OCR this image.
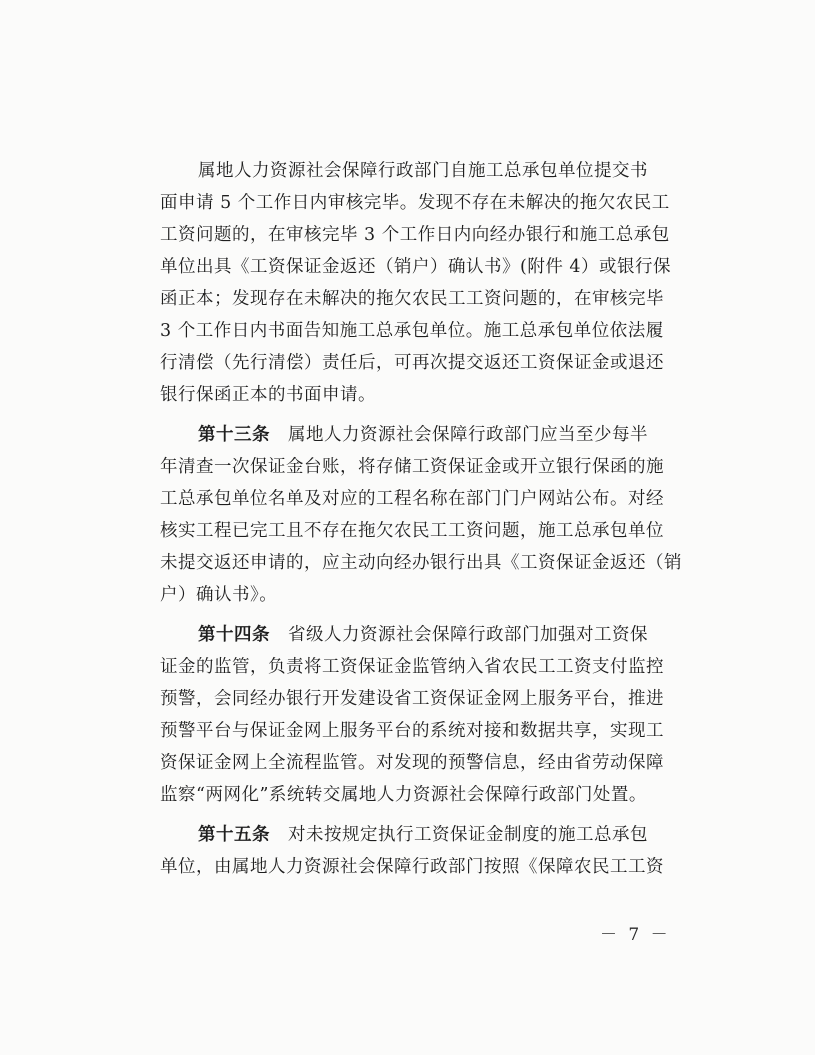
属地人力资源社会保障行政部门自施工总承包单位提交书
面申请 5 个工作日内审核完毕。发现不存在未解决的拖欠农民工
工资问题的，在审核完毕 3 个工作日内向经办银行和施工总承包
单位出具《工资保证金返还（销户）确认书》(附件 4）或银行保
函正本；发现存在未解决的拖欠农民工工资问题的，在审核完毕
3 个工作日内书面告知施工总承包单位。施工总承包单位依法履
行清偿（先行清偿）责任后，可再次提交返还工资保证金或退还
银行保函正本的书面申请。
第十三条 属地人力资源社会保障行政部门应当至少每半
年清查一次保证金台账，将存储工资保证金或开立银行保函的施
工总承包单位名单及对应的工程名称在部门门户网站公布。对经
核实工程已完工且不存在拖欠农民工工资问题，施工总承包单位
未提交返还申请的，应主动向经办银行出具《工资保证金返还（销
户）确认书》。
第十四条 省级人力资源社会保障行政部门加强对工资保
证金的监管，负责将工资保证金监管纳入省农民工工资支付监控
预警，会同经办银行开发建设省工资保证金网上服务平台，推进
预警平台与保证金网上服务平台的系统对接和数据共享，实现工
资保证金网上全流程监管。对发现的预警信息，经由省劳动保障
监察“两网化”系统转交属地人力资源社会保障行政部门处置。
第十五条 对未按规定执行工资保证金制度的施工总承包
单位，由属地人力资源社会保障行政部门按照《保障农民工工资
－ 7 －
